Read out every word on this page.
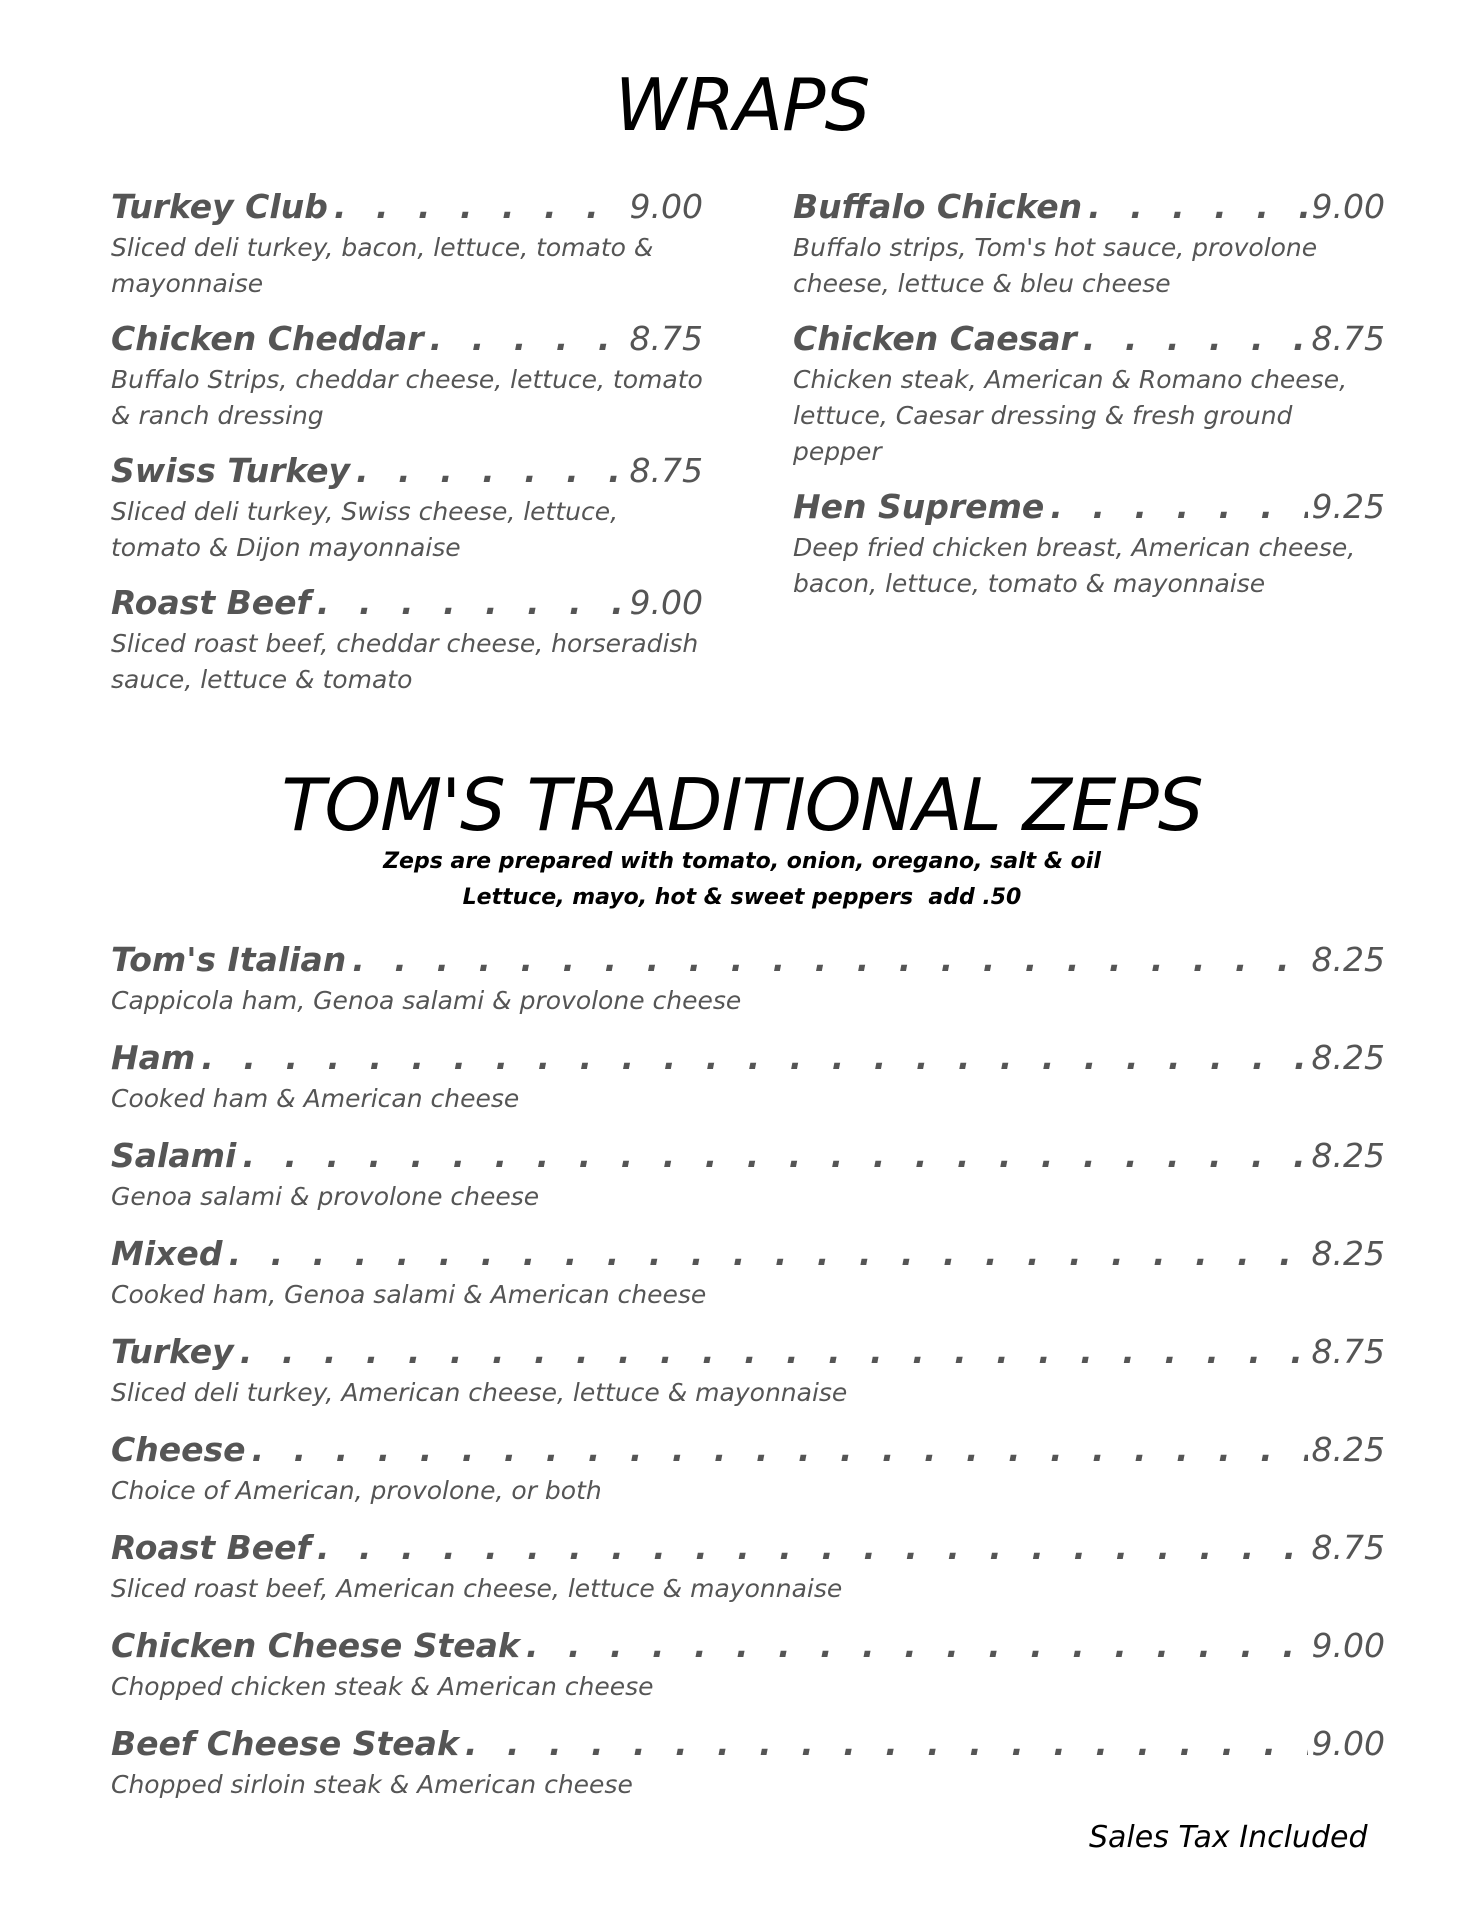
WRAPS
Turkey Club . . .	9.00

Sliced deli turkey, bacon, lettuce, tomato & mayonnaise

Chicken Cheddar . . .	8.75

Buffalo Strips, cheddar cheese, lettuce, tomato & ranch dressing

Swiss Turkey . . .	8.75

Sliced deli turkey, Swiss cheese, lettuce, tomato & Dijon mayonnaise

Roast Beef . . .	9.00

Sliced roast beef, cheddar cheese, horseradish sauce, lettuce & tomato

Buffalo Chicken . . .	9.00

Buffalo strips, Tom's hot sauce, provolone cheese, lettuce & bleu cheese

Chicken Caesar . . .	8.75

Chicken steak, American & Romano cheese, lettuce, Caesar dressing & fresh ground pepper

Hen Supreme . . .	9.25

Deep fried chicken breast, American cheese, bacon, lettuce, tomato & mayonnaise

TOM'S TRADITIONAL ZEPS
Zeps are prepared with tomato, onion, oregano, salt & oil
Lettuce, mayo, hot & sweet peppers  add .50
Tom's Italian . . .	8.25

Cappicola ham, Genoa salami & provolone cheese

Ham . . .	8.25

Cooked ham & American cheese

Salami . . .	8.25

Genoa salami & provolone cheese

Mixed . . .	8.25

Cooked ham, Genoa salami & American cheese

Turkey . . .	8.75

Sliced deli turkey, American cheese, lettuce & mayonnaise

Cheese . . .	8.25

Choice of American, provolone, or both

Roast Beef . . .	8.75

Sliced roast beef, American cheese, lettuce & mayonnaise

Chicken Cheese Steak . . .	9.00

Chopped chicken steak & American cheese

Beef Cheese Steak . . .	9.00

Chopped sirloin steak & American cheese

Sales Tax Included
